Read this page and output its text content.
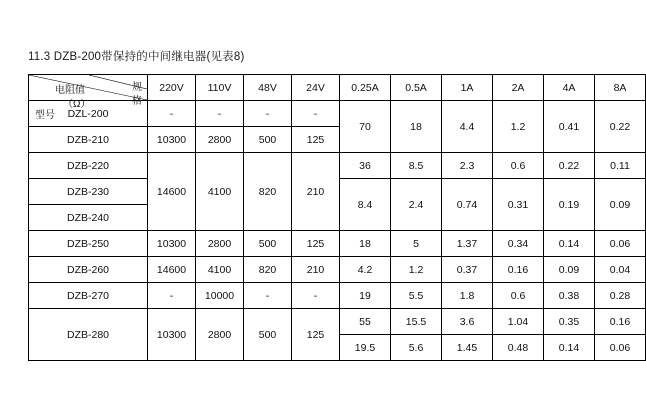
11.3 DZB-200带保持的中间继电器(见表8)
电阻值
（Ω）
规
格
型号	220V	110V	48V	24V	0.25A	0.5A	1A	2A	4A	8A

DZL-200	-	-	-	-	70	18	4.4	1.2	0.41	0.22
DZB-210	10300	2800	500	125						
DZB-220	14600	4100	820	210	36	8.5	2.3	0.6	0.22	0.11
DZB-230					8.4	2.4	0.74	0.31	0.19	0.09
DZB-240										
DZB-250	10300	2800	500	125	18	5	1.37	0.34	0.14	0.06
DZB-260	14600	4100	820	210	4.2	1.2	0.37	0.16	0.09	0.04
DZB-270	-	10000	-	-	19	5.5	1.8	0.6	0.38	0.28
DZB-280	10300	2800	500	125	55	15.5	3.6	1.04	0.35	0.16
					19.5	5.6	1.45	0.48	0.14	0.06
